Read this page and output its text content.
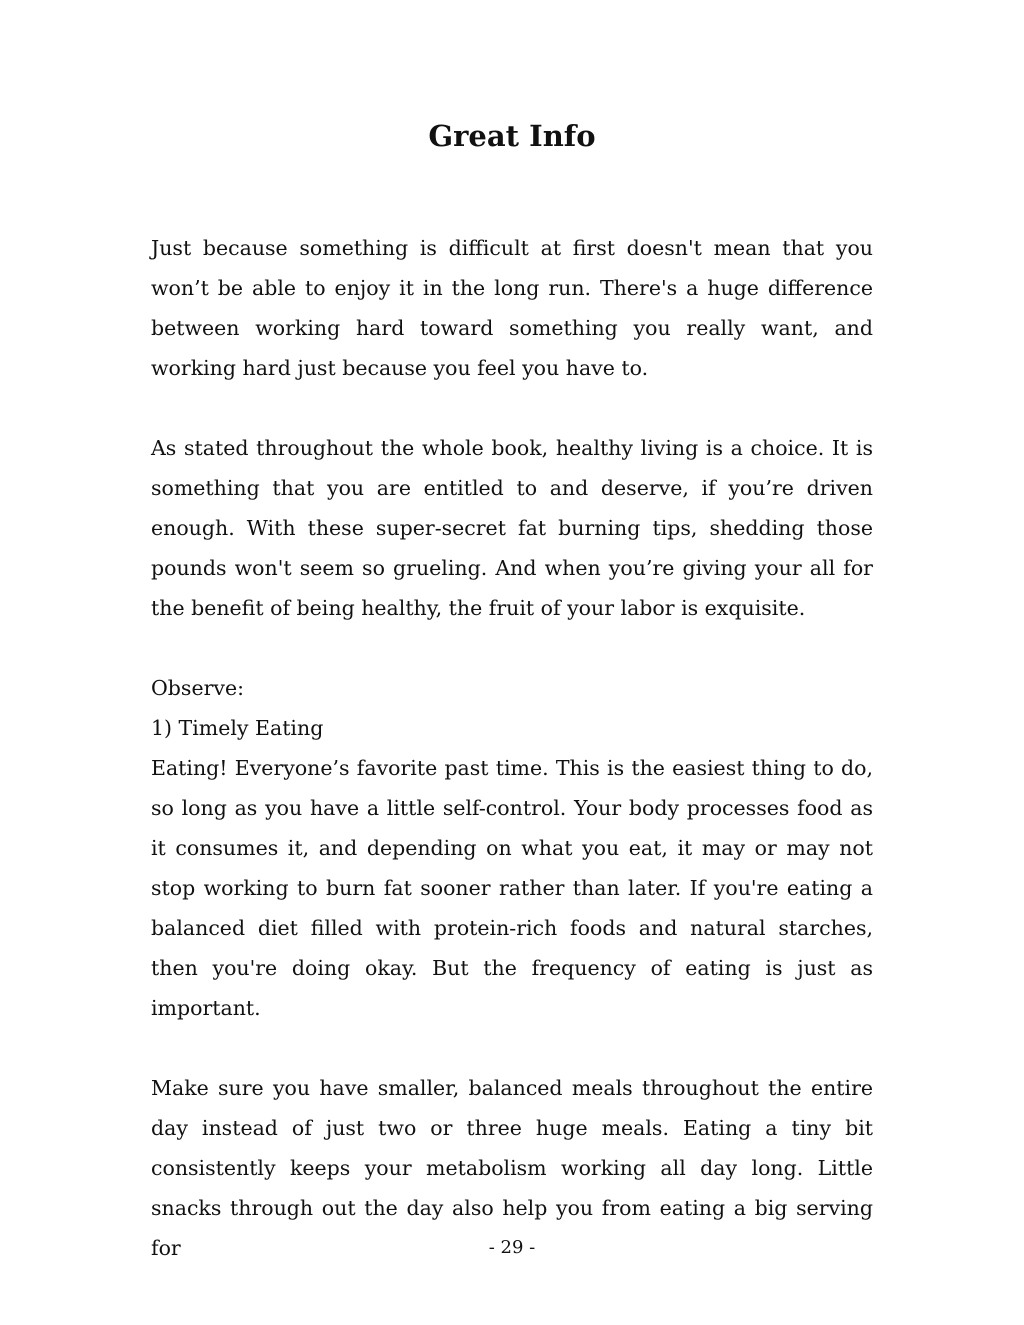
Great Info

Just because something is difficult at first doesn't mean that you won’t be able to enjoy it in the long run. There's a huge difference between working hard toward something you really want, and working hard just because you feel you have to.

As stated throughout the whole book, healthy living is a choice. It is something that you are entitled to and deserve, if you’re driven enough. With these super-secret fat burning tips, shedding those pounds won't seem so grueling. And when you’re giving your all for the benefit of being healthy, the fruit of your labor is exquisite.

Observe:

1) Timely Eating

Eating! Everyone’s favorite past time. This is the easiest thing to do, so long as you have a little self-control. Your body processes food as it consumes it, and depending on what you eat, it may or may not stop working to burn fat sooner rather than later. If you're eating a balanced diet filled with protein-rich foods and natural starches, then you're doing okay. But the frequency of eating is just as important.

Make sure you have smaller, balanced meals throughout the entire day instead of just two or three huge meals. Eating a tiny bit consistently keeps your metabolism working all day long. Little snacks through out the day also help you from eating a big serving for	- 29 -
